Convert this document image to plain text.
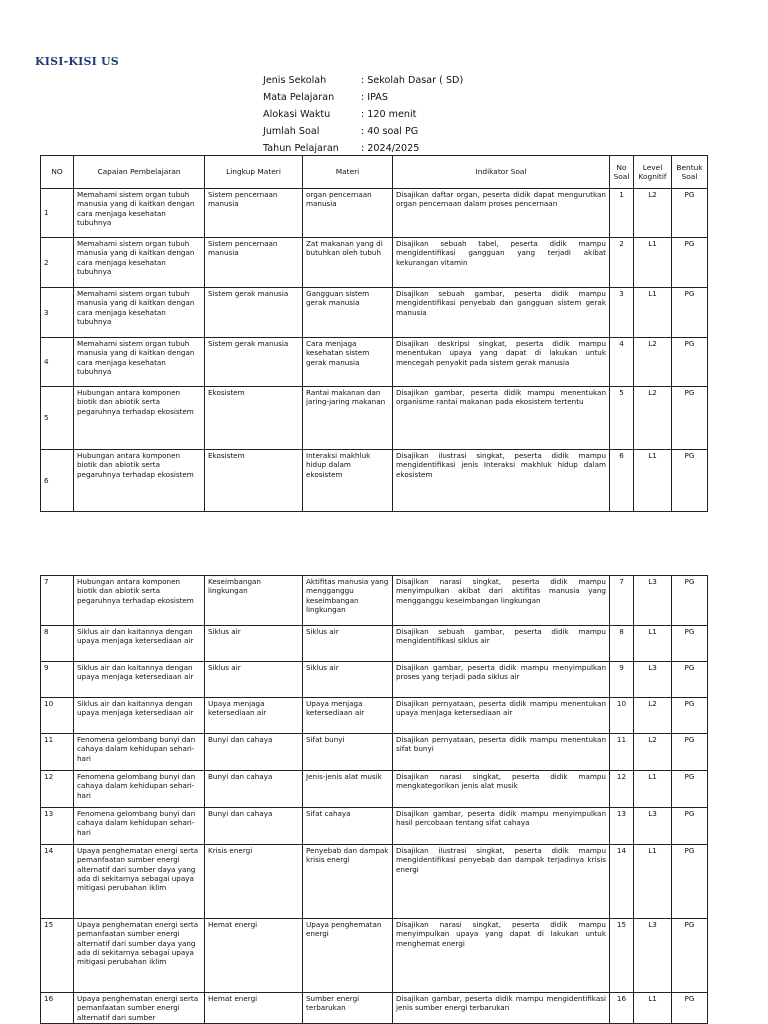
KISI-KISI US
Jenis Sekolah	: Sekolah Dasar ( SD)
Mata Pelajaran	: IPAS
Alokasi Waktu	: 120 menit
Jumlah Soal	: 40 soal PG
Tahun Pelajaran : 2024/2025
NO	Capaian Pembelajaran	Lingkup Materi	Materi	Indikator Soal	No Soal	Level Kognitif	Bentuk Soal
1	Memahami sistem organ tubuh manusia yang di kaitkan dengan cara menjaga kesehatan tubuhnya	Sistem pencernaan manusia	organ pencernaan manusia	Disajikan daftar organ, peserta didik dapat mengurutkan organ pencernaan dalam proses pencernaan	1	L2	PG
2	Memahami sistem organ tubuh manusia yang di kaitkan dengan cara menjaga kesehatan tubuhnya	Sistem pencernaan manusia	Zat makanan yang di butuhkan oleh tubuh	Disajikan sebuah tabel, peserta didik mampu mengidentifikasi gangguan yang terjadi akibat kekurangan vitamin	2	L1	PG
3	Memahami sistem organ tubuh manusia yang di kaitkan dengan cara menjaga kesehatan tubuhnya	Sistem gerak manusia	Gangguan sistem gerak manusia	Disajikan sebuah gambar, peserta didik mampu mengidentifikasi penyebab dan gangguan sistem gerak manusia	3	L1	PG
4	Memahami sistem organ tubuh manusia yang di kaitkan dengan cara menjaga kesehatan tubuhnya	Sistem gerak manusia	Cara menjaga kesehatan sistem gerak manusia	Disajikan deskripsi singkat, peserta didik mampu menentukan upaya yang dapat di lakukan untuk mencegah penyakit pada sistem gerak manusia	4	L2	PG
5	Hubungan antara komponen biotik dan abiotik serta pegaruhnya terhadap ekosistem	Ekosistem	Rantai makanan dan jaring-jaring makanan	Disajikan gambar, peserta didik mampu menentukan organisme rantai makanan pada ekosistem tertentu	5	L2	PG
6	Hubungan antara komponen biotik dan abiotik serta pegaruhnya terhadap ekosistem	Ekosistem	Interaksi makhluk hidup dalam ekosistem	Disajikan ilustrasi singkat, peserta didik mampu mengidentifikasi jenis Interaksi makhluk hidup dalam ekosistem	6	L1	PG
7	Hubungan antara komponen biotik dan abiotik serta pegaruhnya terhadap ekosistem	Keseimbangan lingkungan	Aktifitas manusia yang mengganggu keseimbangan lingkungan	Disajikan narasi singkat, peserta didik mampu menyimpulkan akibat dari aktifitas manusia yang mengganggu keseimbangan lingkungan	7	L3	PG
8	Siklus air dan kaitannya dengan upaya menjaga ketersediaan air	Siklus air	Siklus air	Disajikan sebuah gambar, peserta didik mampu mengidentifikasi siklus air	8	L1	PG
9	Siklus air dan kaitannya dengan upaya menjaga ketersediaan air	Siklus air	Siklus air	Disajikan gambar, peserta didik mampu menyimpulkan proses yang terjadi pada siklus air	9	L3	PG
10	Siklus air dan kaitannya dengan upaya menjaga ketersediaan air	Upaya menjaga ketersediaan air	Upaya menjaga ketersediaan air	Disajikan pernyataan, peserta didik mampu menentukan upaya menjaga ketersediaan air	10	L2	PG
11	Fenomena gelombang bunyi dan cahaya dalam kehidupan sehari-hari	Bunyi dan cahaya	Sifat bunyi	Disajikan pernyataan, peserta didik mampu menentukan sifat bunyi	11	L2	PG
12	Fenomena gelombang bunyi dan cahaya dalam kehidupan sehari-hari	Bunyi dan cahaya	Jenis-jenis alat musik	Disajikan narasi singkat, peserta didik mampu mengkategorikan jenis alat musik	12	L1	PG
13	Fenomena gelombang bunyi dan cahaya dalam kehidupan sehari-hari	Bunyi dan cahaya	Sifat cahaya	Disajikan gambar, peserta didik mampu menyimpulkan hasil percobaan tentang sifat cahaya	13	L3	PG
14	Upaya penghematan energi serta pemanfaatan sumber energi alternatif dari sumber daya yang ada di sekitarnya sebagai upaya mitigasi perubahan iklim	Krisis energi	Penyebab dan dampak krisis energi	Disajikan ilustrasi singkat, peserta didik mampu mengidentifikasi penyebab dan dampak terjadinya krisis energi	14	L1	PG
15	Upaya penghematan energi serta pemanfaatan sumber energi alternatif dari sumber daya yang ada di sekitarnya sebagai upaya mitigasi perubahan iklim	Hemat energi	Upaya penghematan energi	Disajikan narasi singkat, peserta didik mampu menyimpulkan upaya yang dapat di lakukan untuk menghemat energi	15	L3	PG
16	Upaya penghematan energi serta pemanfaatan sumber energi alternatif dari sumber	Hemat energi	Sumber energi terbarukan	Disajikan gambar, peserta didik mampu mengidentifikasi jenis sumber energi terbarukan	16	L1	PG
